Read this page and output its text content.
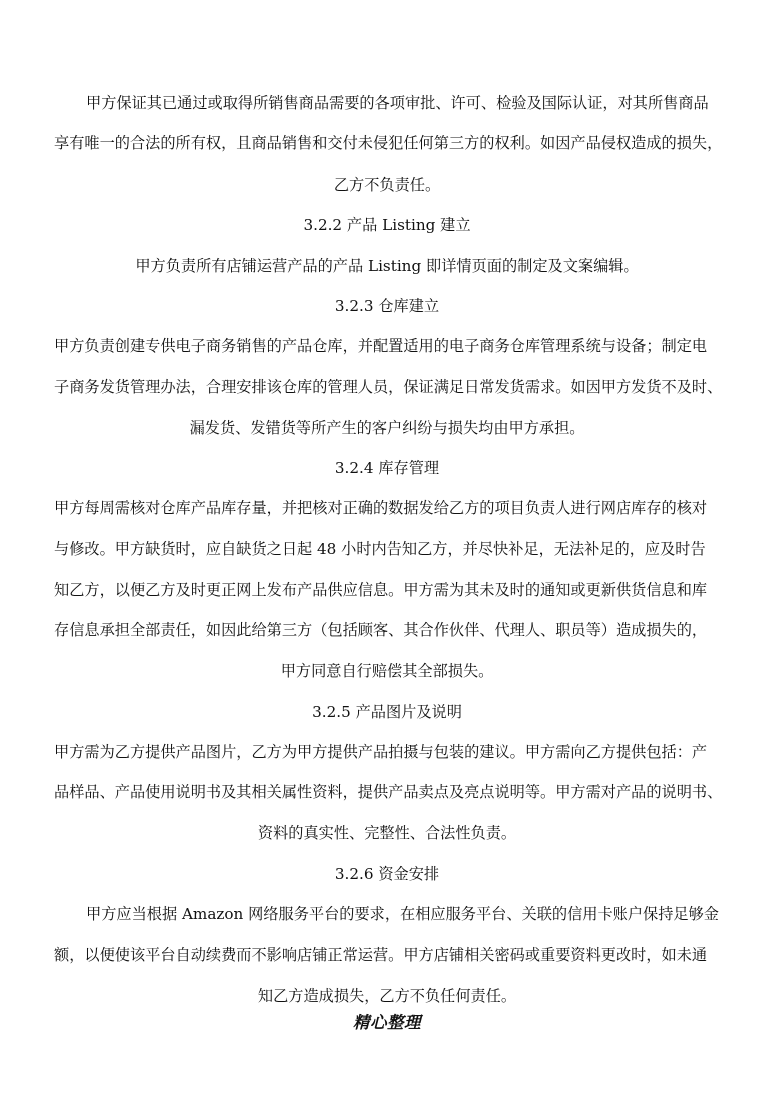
甲方保证其已通过或取得所销售商品需要的各项审批、许可、检验及国际认证，对其所售商品
享有唯一的合法的所有权，且商品销售和交付未侵犯任何第三方的权利。如因产品侵权造成的损失，
乙方不负责任。
3.2.2 产品 Listing 建立
甲方负责所有店铺运营产品的产品 Listing 即详情页面的制定及文案编辑。
3.2.3 仓库建立
甲方负责创建专供电子商务销售的产品仓库，并配置适用的电子商务仓库管理系统与设备；制定电
子商务发货管理办法，合理安排该仓库的管理人员，保证满足日常发货需求。如因甲方发货不及时、
漏发货、发错货等所产生的客户纠纷与损失均由甲方承担。
3.2.4 库存管理
甲方每周需核对仓库产品库存量，并把核对正确的数据发给乙方的项目负责人进行网店库存的核对
与修改。甲方缺货时，应自缺货之日起 48 小时内告知乙方，并尽快补足，无法补足的，应及时告
知乙方，以便乙方及时更正网上发布产品供应信息。甲方需为其未及时的通知或更新供货信息和库
存信息承担全部责任，如因此给第三方（包括顾客、其合作伙伴、代理人、职员等）造成损失的，
甲方同意自行赔偿其全部损失。
3.2.5 产品图片及说明
甲方需为乙方提供产品图片，乙方为甲方提供产品拍摄与包装的建议。甲方需向乙方提供包括：产
品样品、产品使用说明书及其相关属性资料，提供产品卖点及亮点说明等。甲方需对产品的说明书、
资料的真实性、完整性、合法性负责。
3.2.6 资金安排
甲方应当根据 Amazon 网络服务平台的要求，在相应服务平台、关联的信用卡账户保持足够金
额，以便使该平台自动续费而不影响店铺正常运营。甲方店铺相关密码或重要资料更改时，如未通
知乙方造成损失，乙方不负任何责任。
精心整理
